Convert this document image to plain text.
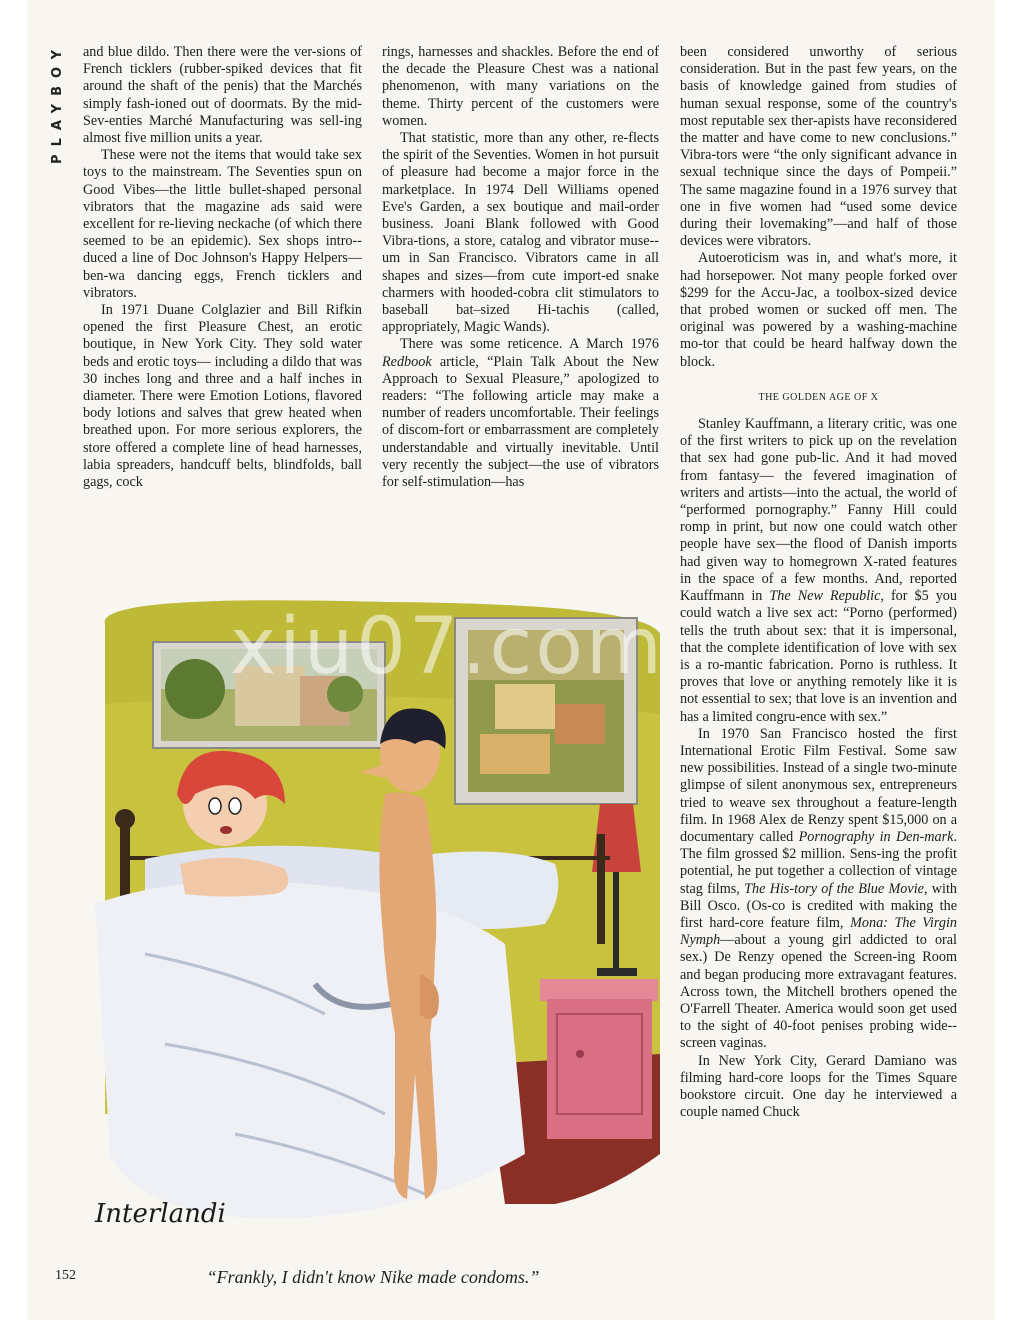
PLAYBOY	and blue dildo. Then there were the ver-sions of French ticklers (rubber-spiked devices that fit around the shaft of the penis) that the Marchés simply fash-ioned out of doormats. By the mid-Sev-enties Marché Manufacturing was sell-ing almost five million units a year.

These were not the items that would take sex toys to the mainstream. The Seventies spun on Good Vibes—the little bullet-shaped personal vibrators that the magazine ads said were excellent for re-lieving neckache (of which there seemed to be an epidemic). Sex shops intro-duced a line of Doc Johnson's Happy Helpers—ben-wa dancing eggs, French ticklers and vibrators.

In 1971 Duane Colglazier and Bill Rifkin opened the first Pleasure Chest, an erotic boutique, in New York City. They sold water beds and erotic toys— including a dildo that was 30 inches long and three and a half inches in diameter. There were Emotion Lotions, flavored body lotions and salves that grew heated when breathed upon. For more serious explorers, the store offered a complete line of head harnesses, labia spreaders, handcuff belts, blindfolds, ball gags, cock

rings, harnesses and shackles. Before the end of the decade the Pleasure Chest was a national phenomenon, with many variations on the theme. Thirty percent of the customers were women.

That statistic, more than any other, re-flects the spirit of the Seventies. Women in hot pursuit of pleasure had become a major force in the marketplace. In 1974 Dell Williams opened Eve's Garden, a sex boutique and mail-order business. Joani Blank followed with Good Vibra-tions, a store, catalog and vibrator muse-um in San Francisco. Vibrators came in all shapes and sizes—from cute import-ed snake charmers with hooded-cobra clit stimulators to baseball bat–sized Hi-tachis (called, appropriately, Magic Wands).

There was some reticence. A March 1976 Redbook article, “Plain Talk About the New Approach to Sexual Pleasure,” apologized to readers: “The following article may make a number of readers uncomfortable. Their feelings of discom-fort or embarrassment are completely understandable and virtually inevitable. Until very recently the subject—the use of vibrators for self-stimulation—has

been considered unworthy of serious consideration. But in the past few years, on the basis of knowledge gained from studies of human sexual response, some of the country's most reputable sex ther-apists have reconsidered the matter and have come to new conclusions.” Vibra-tors were “the only significant advance in sexual technique since the days of Pompeii.” The same magazine found in a 1976 survey that one in five women had “used some device during their lovemaking”—and half of those devices were vibrators.

Autoeroticism was in, and what's more, it had horsepower. Not many people forked over $299 for the Accu-Jac, a toolbox-sized device that probed women or sucked off men. The original was powered by a washing-machine mo-tor that could be heard halfway down the block.

THE GOLDEN AGE OF X

Stanley Kauffmann, a literary critic, was one of the first writers to pick up on the revelation that sex had gone pub-lic. And it had moved from fantasy— the fevered imagination of writers and artists—into the actual, the world of “performed pornography.” Fanny Hill could romp in print, but now one could watch other people have sex—the flood of Danish imports had given way to homegrown X-rated features in the space of a few months. And, reported Kauffmann in The New Republic, for $5 you could watch a live sex act: “Porno (performed) tells the truth about sex: that it is impersonal, that the complete identification of love with sex is a ro-mantic fabrication. Porno is ruthless. It proves that love or anything remotely like it is not essential to sex; that love is an invention and has a limited congru-ence with sex.”

In 1970 San Francisco hosted the first International Erotic Film Festival. Some saw new possibilities. Instead of a single two-minute glimpse of silent anonymous sex, entrepreneurs tried to weave sex throughout a feature-length film. In 1968 Alex de Renzy spent $15,000 on a documentary called Pornography in Den-mark. The film grossed $2 million. Sens-ing the profit potential, he put together a collection of vintage stag films, The His-tory of the Blue Movie, with Bill Osco. (Os-co is credited with making the first hard-core feature film, Mona: The Virgin Nymph—about a young girl addicted to oral sex.) De Renzy opened the Screen-ing Room and began producing more extravagant features. Across town, the Mitchell brothers opened the O'Farrell Theater. America would soon get used to the sight of 40-foot penises probing wide-screen vaginas.

In New York City, Gerard Damiano was filming hard-core loops for the Times Square bookstore circuit. One day he interviewed a couple named Chuck

Interlandi
xiu07.com
152	“Frankly, I didn't know Nike made condoms.”
